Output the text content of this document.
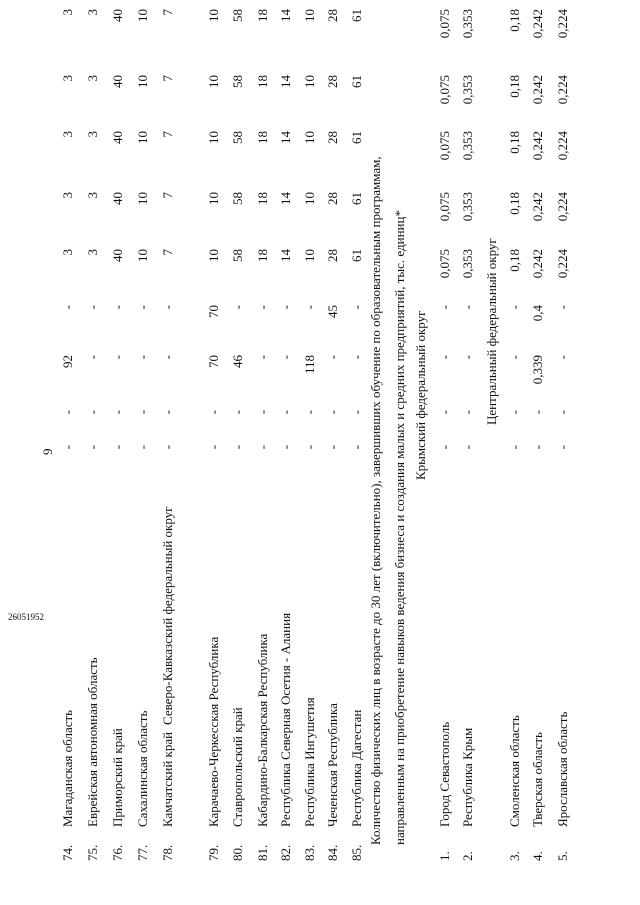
26051952
9
74.
Магаданская область
-
-
92
-
3
3
3
3
3
75.
Еврейская автономная область
-
-
-
-
3
3
3
3
3
76.
Приморский край
-
-
-
-
40
40
40
40
40
77.
Сахалинская область
-
-
-
-
10
10
10
10
10
78.
Камчатский край
-
-
-
-
7
7
7
7
7
79.
Карачаево-Черкесская Республика
-
-
70
70
10
10
10
10
10
80.
Ставропольский край
-
-
46
-
58
58
58
58
58
81.
Кабардино-Балкарская Республика
-
-
-
-
18
18
18
18
18
82.
Республика Северная Осетия - Алания
-
-
-
-
14
14
14
14
14
83.
Республика Ингушетия
-
-
118
-
10
10
10
10
10
84.
Чеченская Республика
-
-
-
45
28
28
28
28
28
85.
Республика Дагестан
-
-
-
-
61
61
61
61
61
1.
Город Севастополь
-
-
-
-
0,075
0,075
0,075
0,075
0,075
2.
Республика Крым
-
-
-
-
0,353
0,353
0,353
0,353
0,353
3.
Смоленская область
-
-
-
-
0,18
0,18
0,18
0,18
0,18
4.
Тверская область
-
-
0,339
0,4
0,242
0,242
0,242
0,242
0,242
5.
Ярославская область
-
-
-
-
0,224
0,224
0,224
0,224
0,224
Северо-Кавказский федеральный округ	Количество физических лиц в возрасте до 30 лет (включительно), завершивших обучение по образовательным программам, направленным на приобретение навыков ведения бизнеса и создания малых и средних предприятий, тыс. единиц* Крымский федеральный округ	Центральный федеральный округ
